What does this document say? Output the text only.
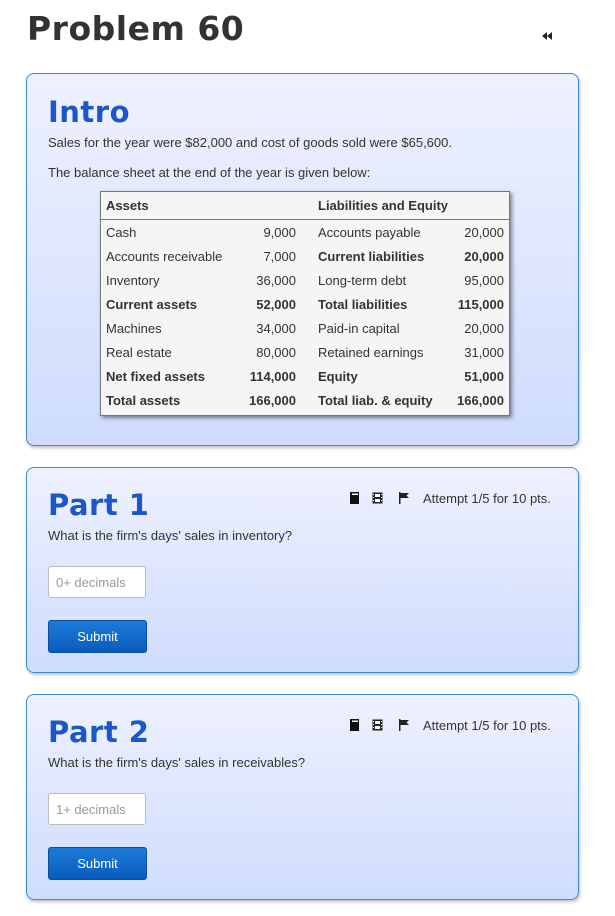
Problem 60
Intro

Sales for the year were $82,000 and cost of goods sold were $65,600.

The balance sheet at the end of the year is given below:

Assets		Liabilities and Equity	
Cash	9,000	Accounts payable	20,000
Accounts receivable	7,000	Current liabilities	20,000
Inventory	36,000	Long-term debt	95,000
Current assets	52,000	Total liabilities	115,000
Machines	34,000	Paid-in capital	20,000
Real estate	80,000	Retained earnings	31,000
Net fixed assets	114,000	Equity	51,000
Total assets	166,000	Total liab. & equity	166,000
Part 1	Attempt 1/5 for 10 pts.

What is the firm's days' sales in inventory?

0+ decimals
Submit
Part 2	Attempt 1/5 for 10 pts.

What is the firm's days' sales in receivables?

1+ decimals
Submit
